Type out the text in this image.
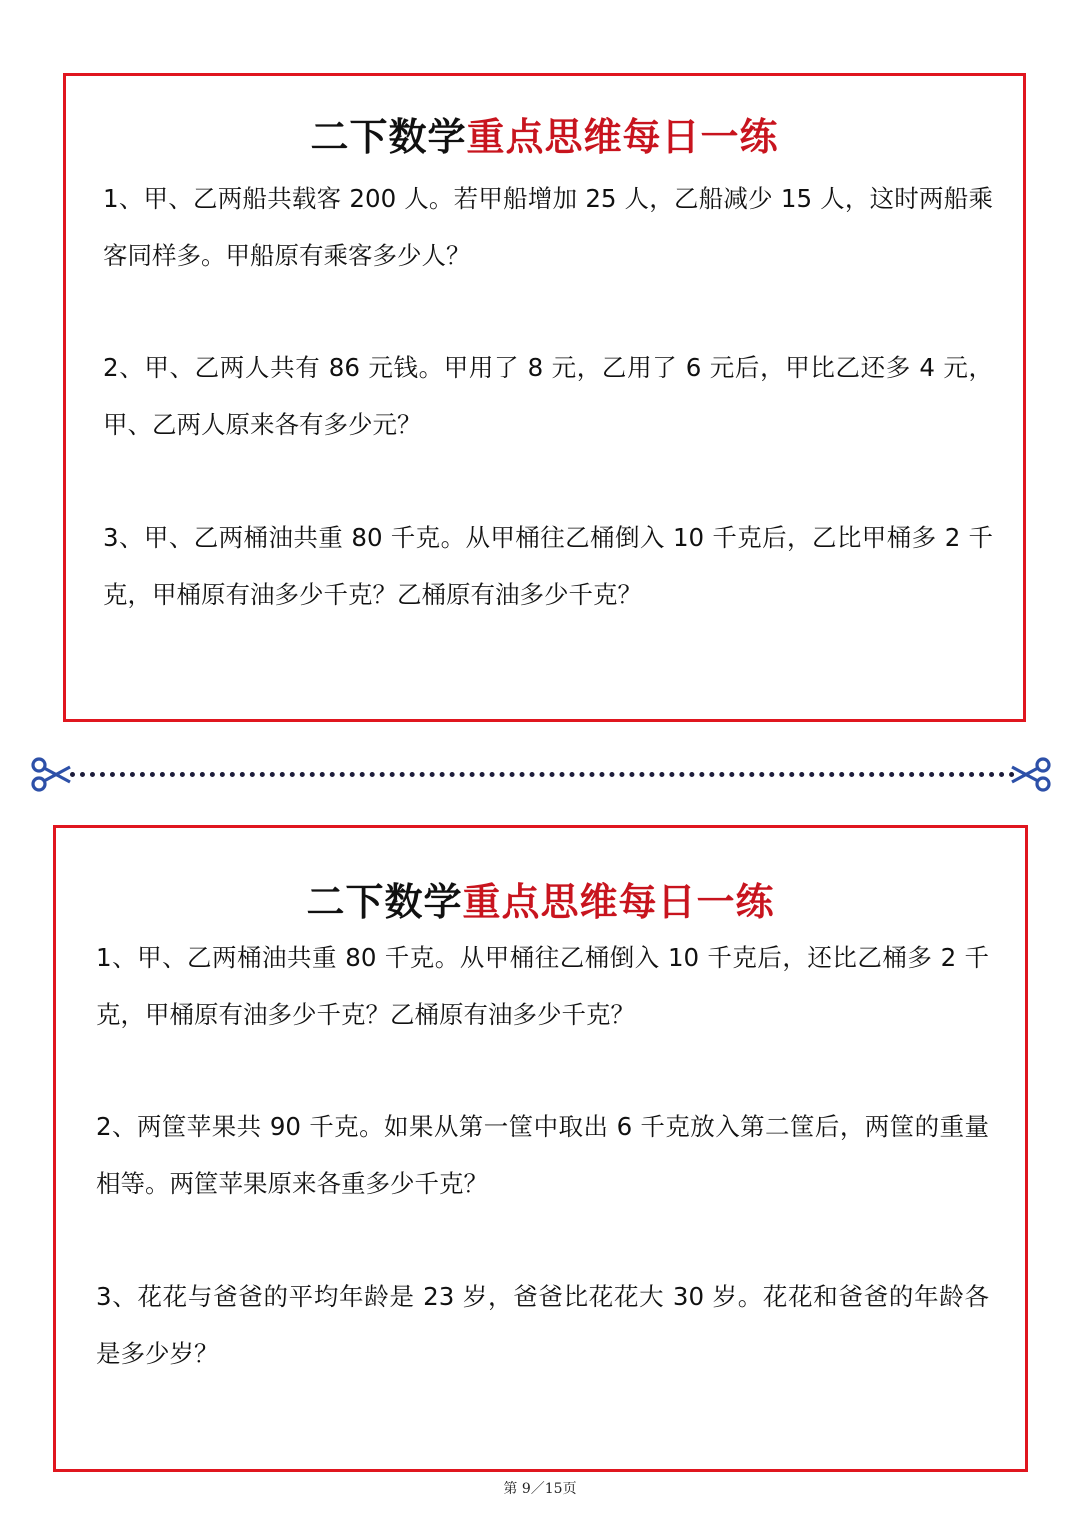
二下数学重点思维每日一练

1、甲、乙两船共载客 200 人。若甲船增加 25 人，乙船减少 15 人，这时两船乘客同样多。甲船原有乘客多少人？

2、甲、乙两人共有 86 元钱。甲用了 8 元，乙用了 6 元后，甲比乙还多 4 元，甲、乙两人原来各有多少元？

3、甲、乙两桶油共重 80 千克。从甲桶往乙桶倒入 10 千克后，乙比甲桶多 2 千克，甲桶原有油多少千克？乙桶原有油多少千克？

二下数学重点思维每日一练

1、甲、乙两桶油共重 80 千克。从甲桶往乙桶倒入 10 千克后，还比乙桶多 2 千克，甲桶原有油多少千克？乙桶原有油多少千克？

2、两筐苹果共 90 千克。如果从第一筐中取出 6 千克放入第二筐后，两筐的重量相等。两筐苹果原来各重多少千克？

3、花花与爸爸的平均年龄是 23 岁，爸爸比花花大 30 岁。花花和爸爸的年龄各是多少岁？

第 9／15页
